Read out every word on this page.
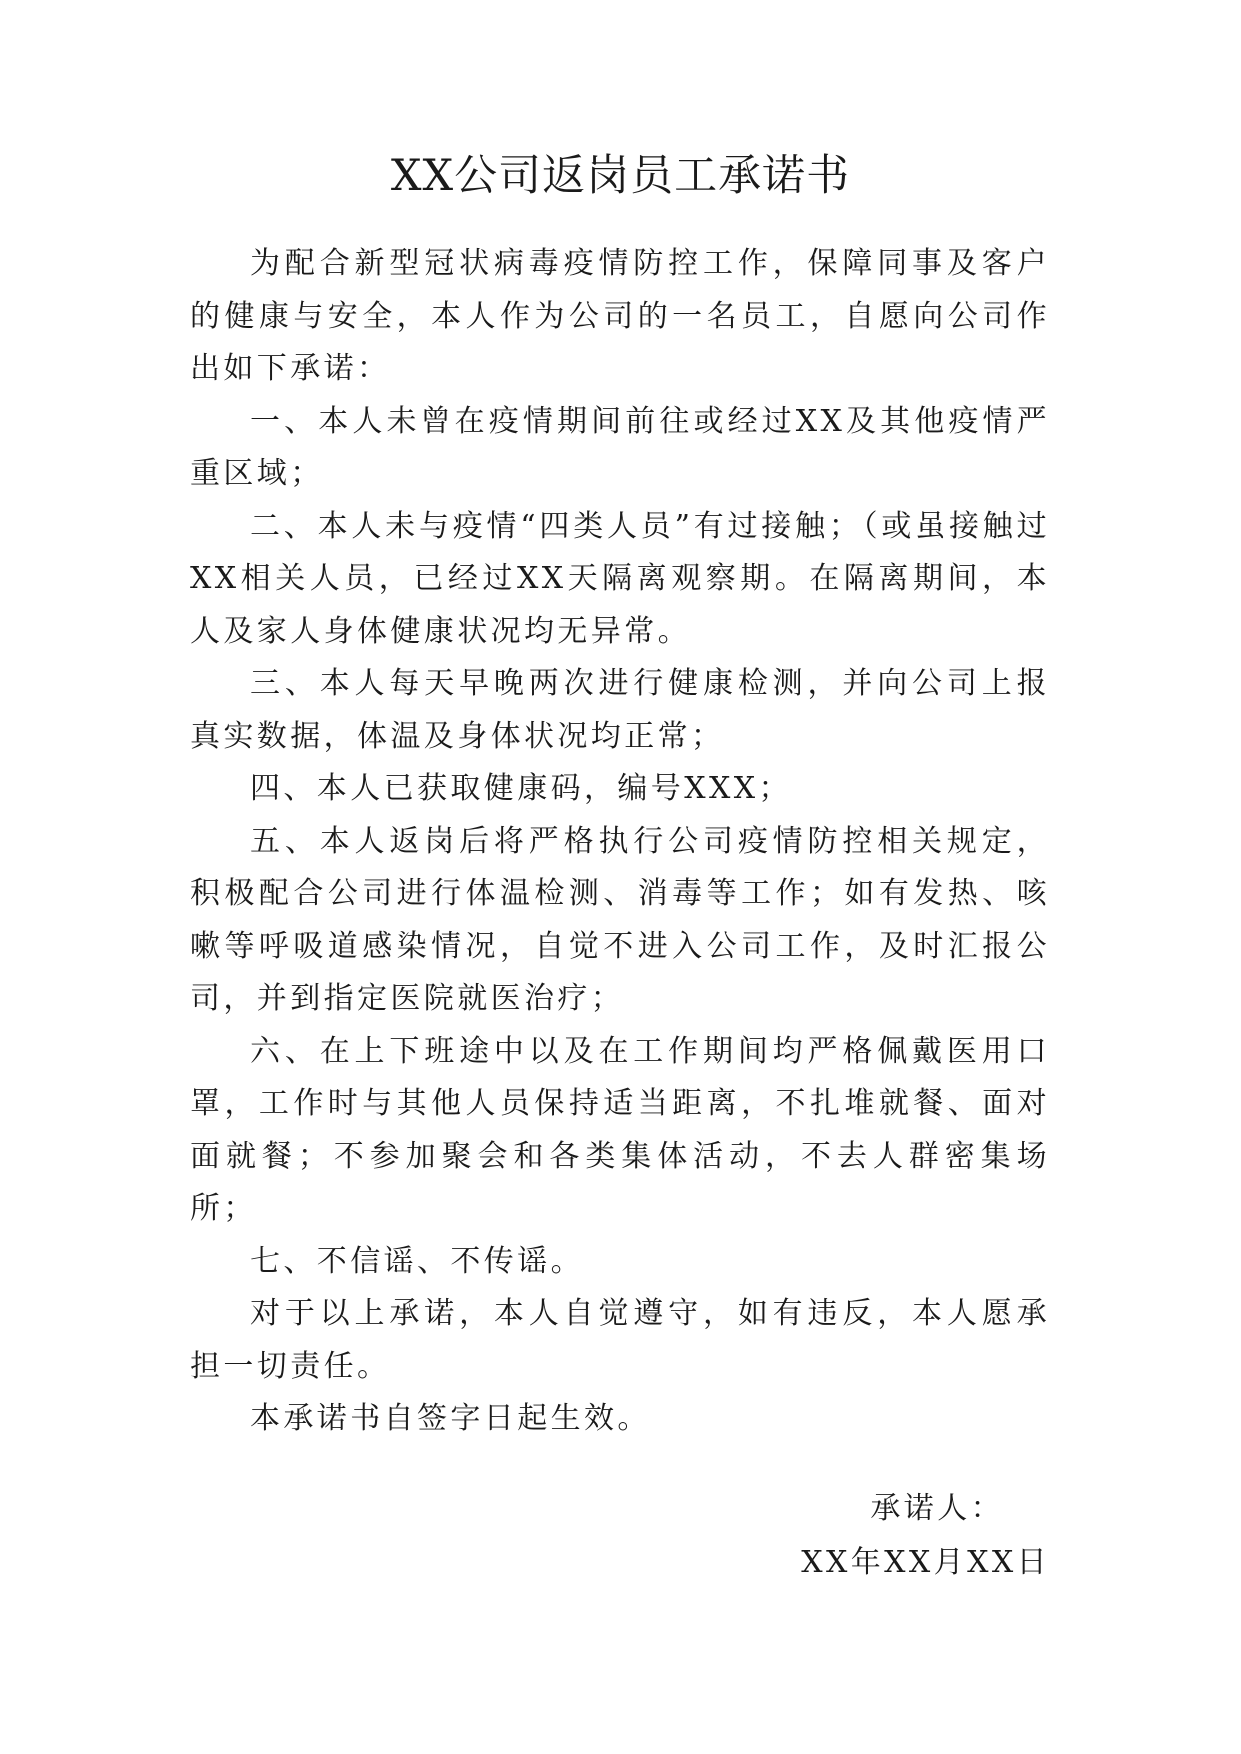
XX公司返岗员工承诺书

为配合新型冠状病毒疫情防控工作，保障同事及客户的健康与安全，本人作为公司的一名员工，自愿向公司作出如下承诺：

一、本人未曾在疫情期间前往或经过XX及其他疫情严重区域；

二、本人未与疫情“四类人员”有过接触；（或虽接触过XX相关人员，已经过XX天隔离观察期。在隔离期间，本人及家人身体健康状况均无异常。

三、本人每天早晚两次进行健康检测，并向公司上报真实数据，体温及身体状况均正常；

四、本人已获取健康码，编号XXX；

五、本人返岗后将严格执行公司疫情防控相关规定，积极配合公司进行体温检测、消毒等工作；如有发热、咳嗽等呼吸道感染情况，自觉不进入公司工作，及时汇报公司，并到指定医院就医治疗；

六、在上下班途中以及在工作期间均严格佩戴医用口罩，工作时与其他人员保持适当距离，不扎堆就餐、面对面就餐；不参加聚会和各类集体活动，不去人群密集场所；

七、不信谣、不传谣。

对于以上承诺，本人自觉遵守，如有违反，本人愿承担一切责任。

本承诺书自签字日起生效。

承诺人：
XX年XX月XX日
